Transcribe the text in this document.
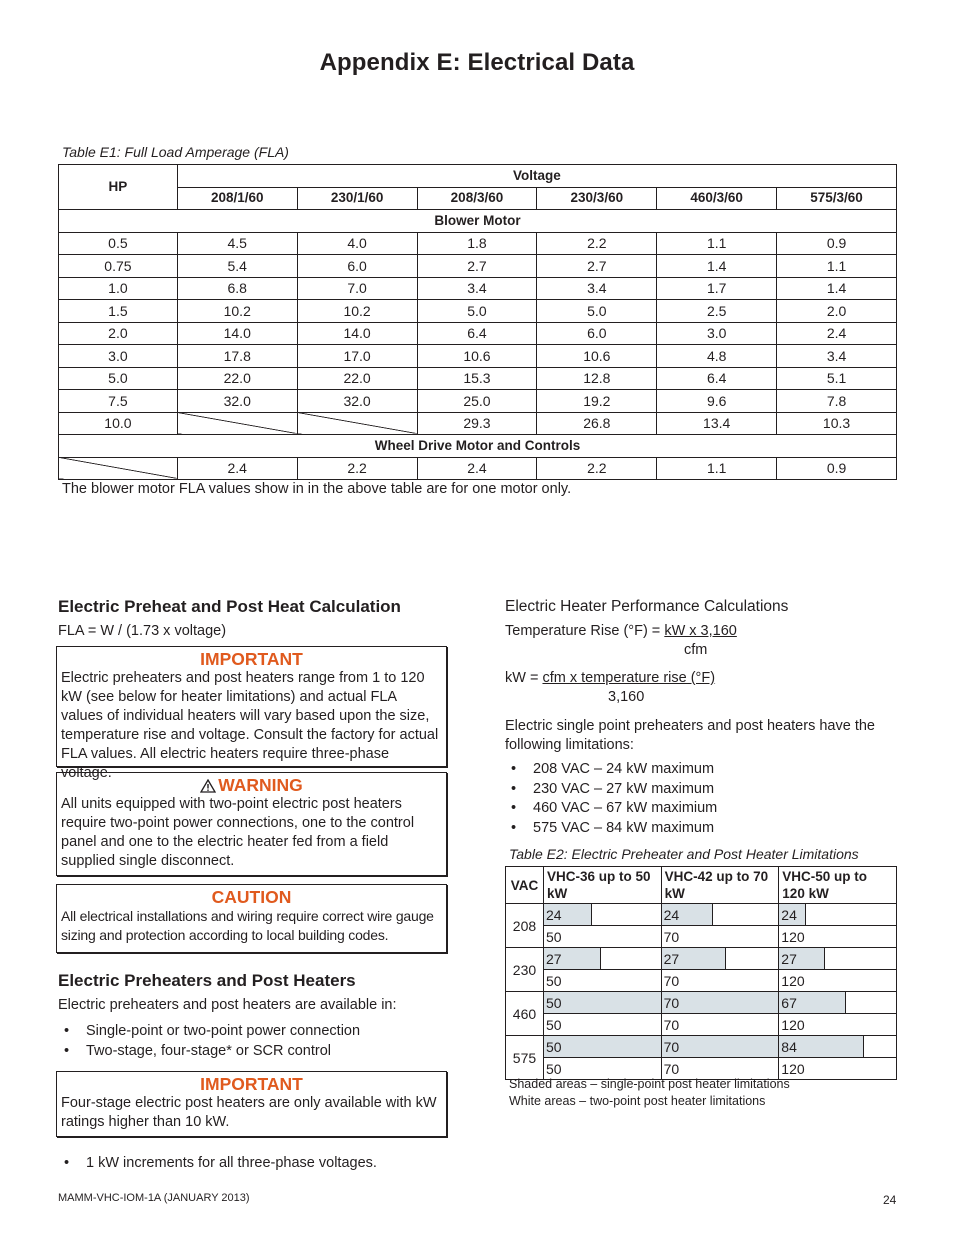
Appendix E: Electrical Data
Table E1: Full Load Amperage (FLA)
HP	Voltage					
	208/1/60	230/1/60	208/3/60	230/3/60	460/3/60	575/3/60
Blower Motor						
0.5	4.5	4.0	1.8	2.2	1.1	0.9
0.75	5.4	6.0	2.7	2.7	1.4	1.1
1.0	6.8	7.0	3.4	3.4	1.7	1.4
1.5	10.2	10.2	5.0	5.0	2.5	2.0
2.0	14.0	14.0	6.4	6.0	3.0	2.4
3.0	17.8	17.0	10.6	10.6	4.8	3.4
5.0	22.0	22.0	15.3	12.8	6.4	5.1
7.5	32.0	32.0	25.0	19.2	9.6	7.8
10.0			29.3	26.8	13.4	10.3
Wheel Drive Motor and Controls						
	2.4	2.2	2.4	2.2	1.1	0.9
The blower motor FLA values show in in the above table are for one motor only.
Electric Preheat and Post Heat Calculation
FLA = W / (1.73 x voltage)
IMPORTANT
Electric preheaters and post heaters range from 1 to 120 kW (see below for heater limitations) and actual FLA values of individual heaters will vary based upon the size, temperature rise and voltage. Consult the factory for actual FLA values. All electric heaters require three-phase voltage.
WARNING
All units equipped with two-point electric post heaters require two-point power connections, one to the control panel and one to the electric heater fed from a field supplied single disconnect.
CAUTION
All electrical installations and wiring require correct wire gauge sizing and protection according to local building codes.
Electric Preheaters and Post Heaters
Electric preheaters and post heaters are available in:
• Single-point or two-point power connection
• Two-stage, four-stage* or SCR control
IMPORTANT
Four-stage electric post heaters are only available with kW ratings higher than 10 kW.
• 1 kW increments for all three-phase voltages.
Electric Heater Performance Calculations
Temperature Rise (°F) = kW x 3,160
cfm
kW = cfm x temperature rise (°F)
3,160
Electric single point preheaters and post heaters have the following limitations:
• 208 VAC – 24 kW maximum
• 230 VAC – 27 kW maximum
• 460 VAC – 67 kW maximium
• 575 VAC – 84 kW maximum
Table E2: Electric Preheater and Post Heater Limitations
VAC	VHC-36 up to 50 kW	VHC-42 up to 70 kW	VHC-50 up to 120 kW
208	24	24	24
	50	70	120
230	27	27	27
	50	70	120
460	50	70	67
	50	70	120
575	50	70	84
	50	70	120
Shaded areas – single-point post heater limitations
White areas – two-point post heater limitations
MAMM-VHC-IOM-1A (JANUARY 2013)	24
